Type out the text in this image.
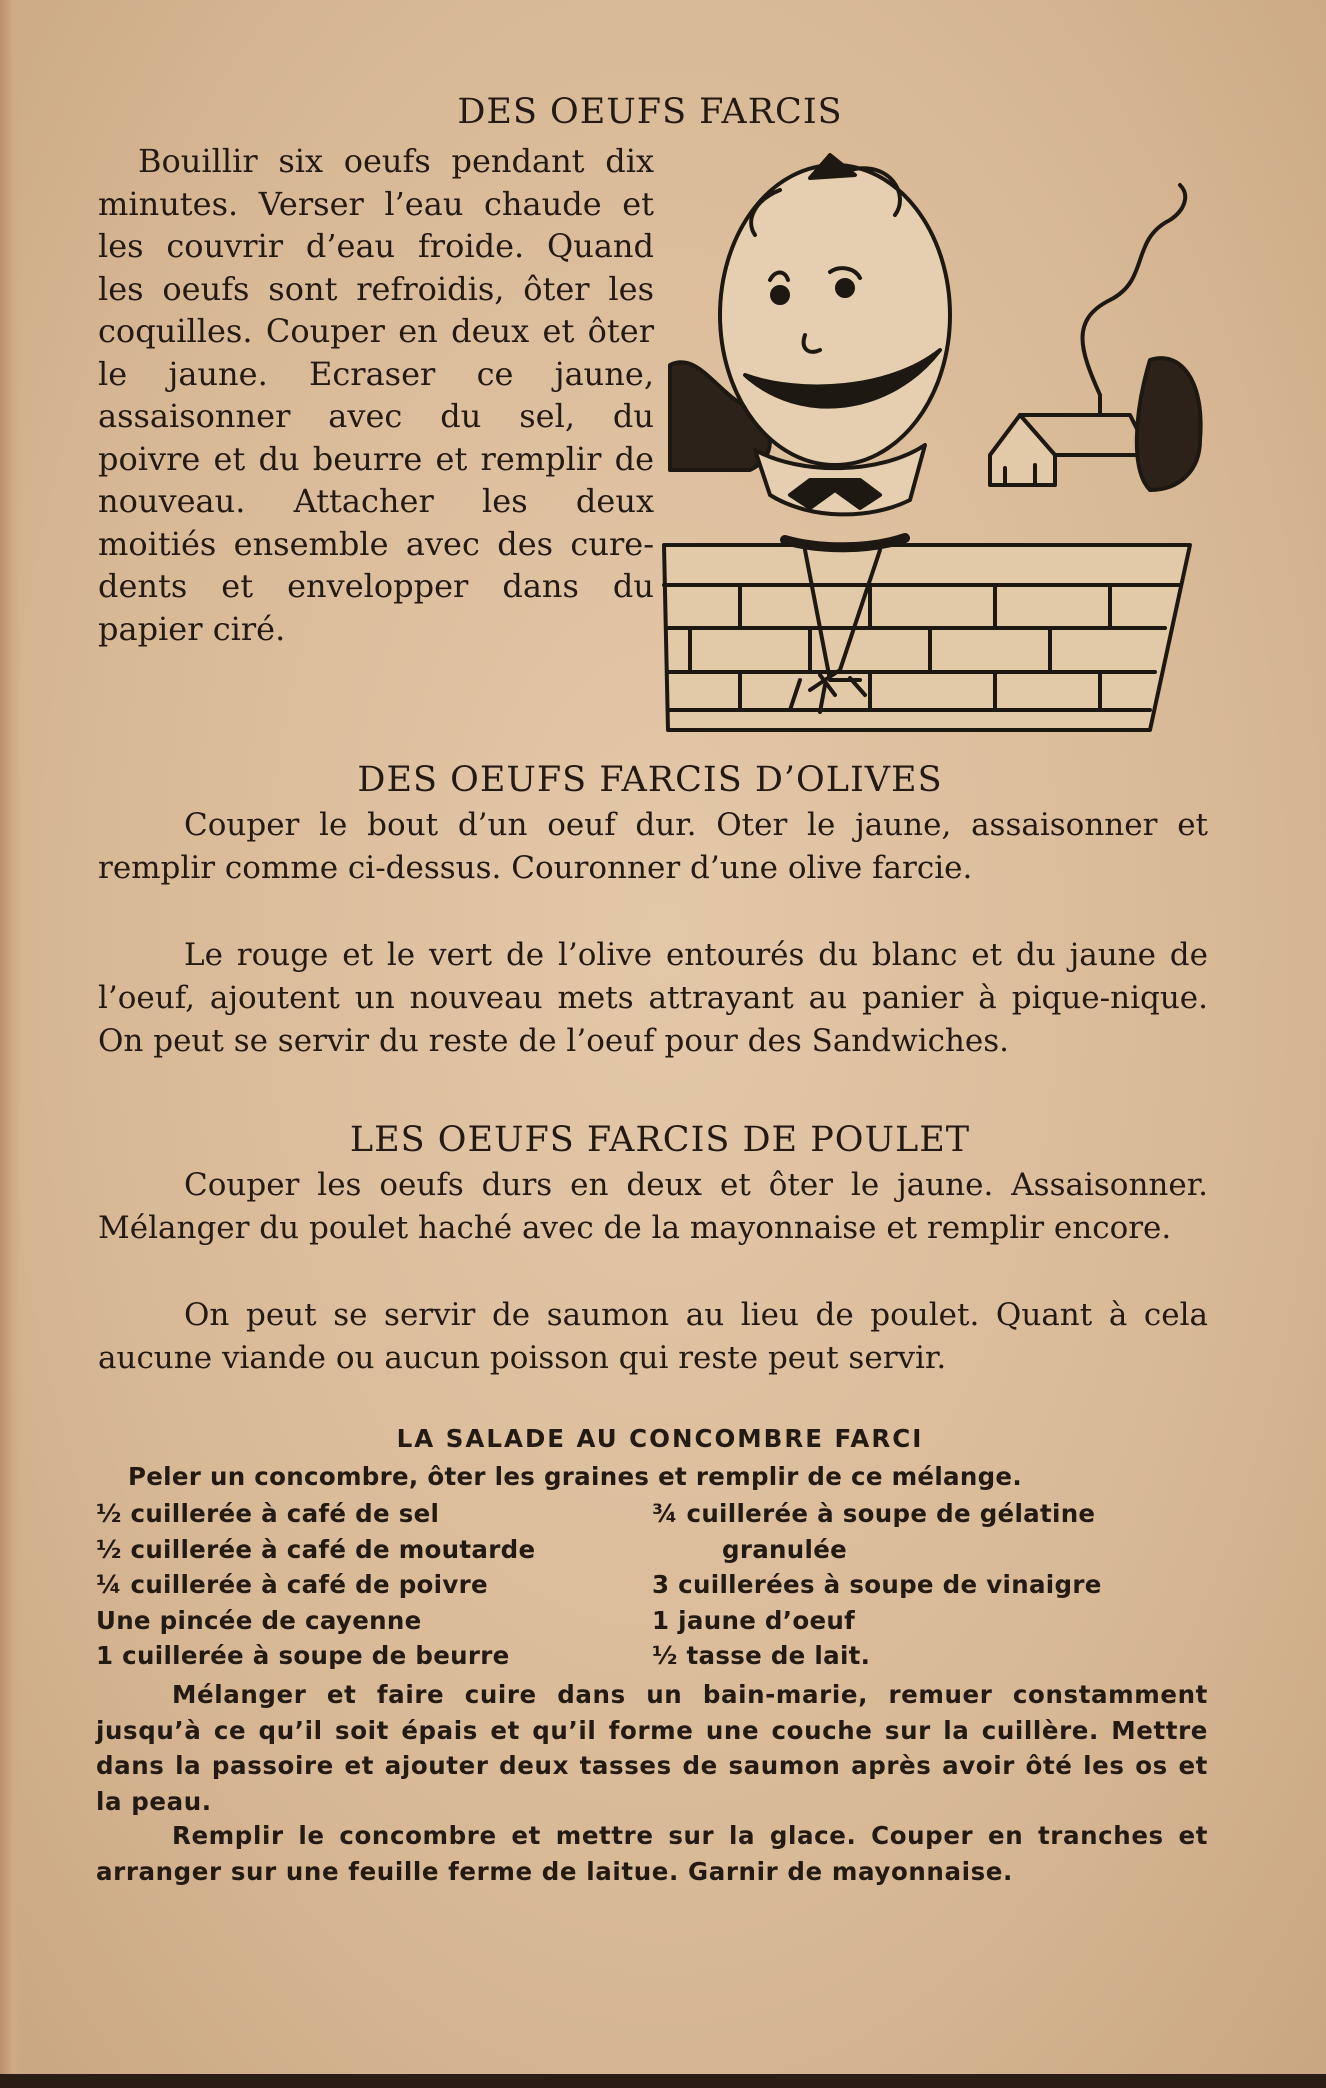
DES OEUFS FARCIS

Bouillir six oeufs pendant dix minutes. Verser l’eau chaude et les couvrir d’eau froide. Quand les oeufs sont refroidis, ôter les coquilles. Couper en deux et ôter le jaune. Ecraser ce jaune, assaisonner avec du sel, du poivre et du beurre et remplir de nouveau. Attacher les deux moitiés ensemble avec des cure-dents et envelopper dans du papier ciré.

DES OEUFS FARCIS D’OLIVES

Couper le bout d’un oeuf dur. Oter le jaune, assaisonner et remplir comme ci-dessus. Couronner d’une olive farcie.

Le rouge et le vert de l’olive entourés du blanc et du jaune de l’oeuf, ajoutent un nouveau mets attrayant au panier à pique-nique. On peut se servir du reste de l’oeuf pour des Sandwiches.

LES OEUFS FARCIS DE POULET

Couper les oeufs durs en deux et ôter le jaune. Assaisonner. Mélanger du poulet haché avec de la mayonnaise et remplir encore.

On peut se servir de saumon au lieu de poulet. Quant à cela aucune viande ou aucun poisson qui reste peut servir.

LA SALADE AU CONCOMBRE FARCI
Peler un concombre, ôter les graines et remplir de ce mélange.
½ cuillerée à café de sel
½ cuillerée à café de moutarde
¼ cuillerée à café de poivre
Une pincée de cayenne
1 cuillerée à soupe de beurre
¾ cuillerée à soupe de gélatine
granulée
3 cuillerées à soupe de vinaigre
1 jaune d’oeuf
½ tasse de lait.

Mélanger et faire cuire dans un bain-marie, remuer constamment jusqu’à ce qu’il soit épais et qu’il forme une couche sur la cuillère. Mettre dans la passoire et ajouter deux tasses de saumon après avoir ôté les os et la peau.

Remplir le concombre et mettre sur la glace. Couper en tranches et arranger sur une feuille ferme de laitue. Garnir de mayonnaise.
